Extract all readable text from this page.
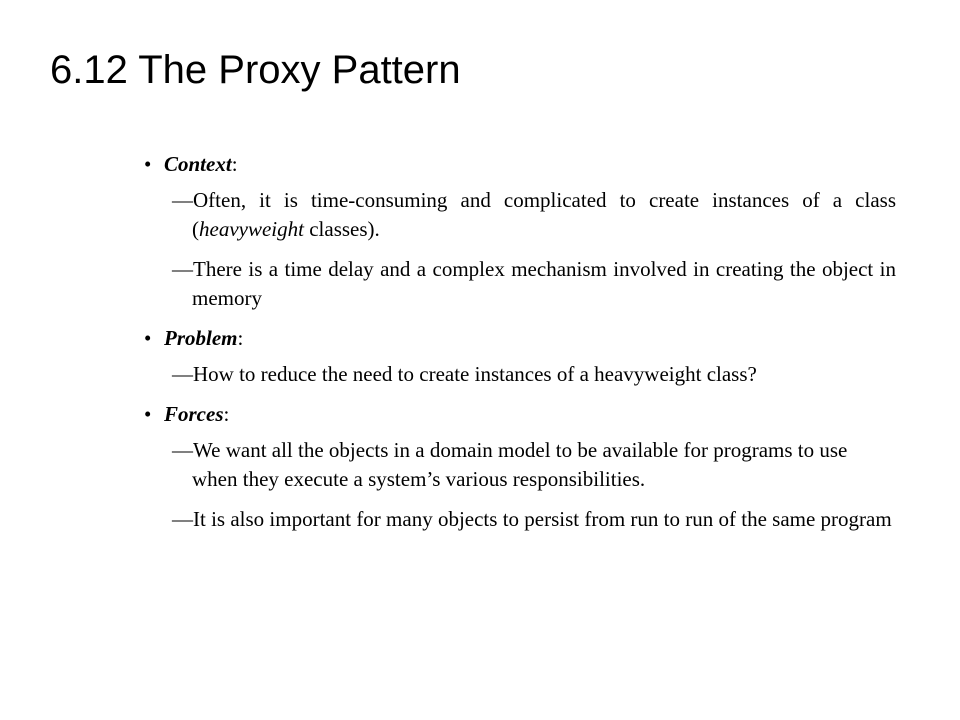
6.12 The Proxy Pattern
• Context:

—Often, it is time-consuming and complicated to create instances of a class (heavyweight classes).

—There is a time delay and a complex mechanism involved in creating the object in memory

• Problem:

—How to reduce the need to create instances of a heavyweight class?

• Forces:

—We want all the objects in a domain model to be available for programs to use when they execute a system’s various responsibilities.

—It is also important for many objects to persist from run to run of the same program
